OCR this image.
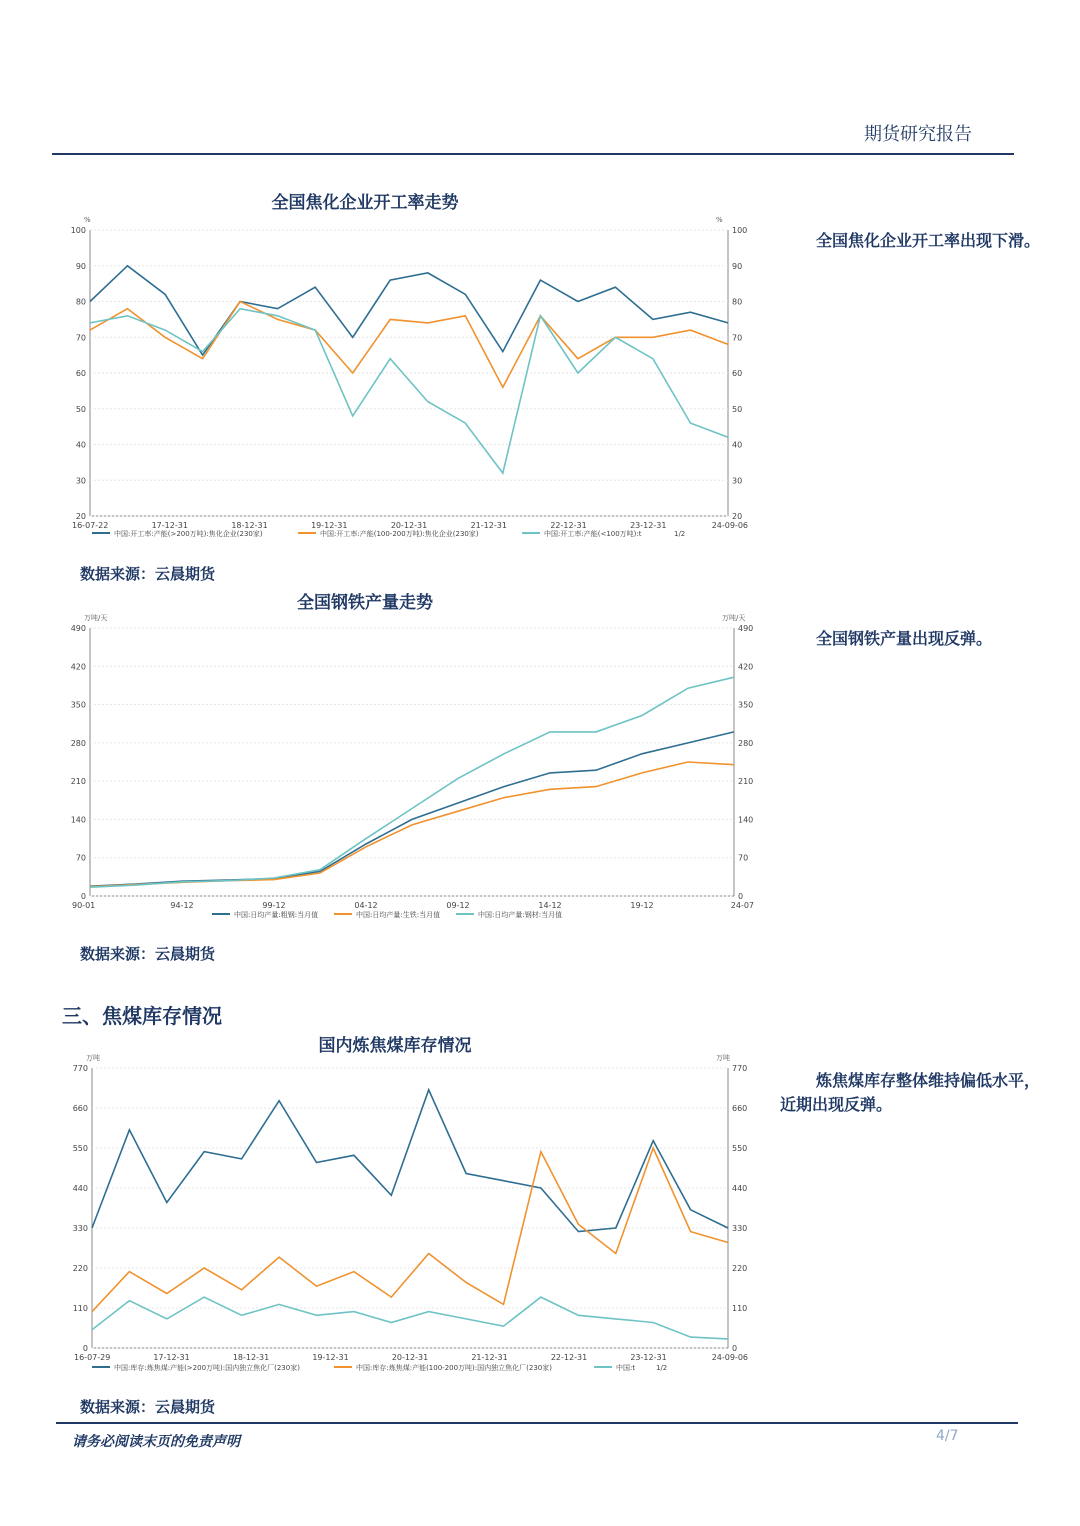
期货研究报告
全国焦化企业开工率走势
%	%
100	100
90	90
80	80
70	70
60	60
50	50
40	40
30	30
20	20
16-07-22	17-12-31	18-12-31	19-12-31	20-12-31	21-12-31	22-12-31	23-12-31	24-09-06
中国:开工率:产能(>200万吨):焦化企业(230家)	中国:开工率:产能(100-200万吨):焦化企业(230家)	中国:开工率:产能(<100万吨):t	1/2
数据来源：云晨期货
全国焦化企业开工率出现下滑。
全国钢铁产量走势
万吨/天	万吨/天
490	490
420	420
350	350
280	280
210	210
140	140
70	70
0	0
90-01	94-12	99-12	04-12	09-12	14-12	19-12	24-07
中国:日均产量:粗钢:当月值	中国:日均产量:生铁:当月值	中国:日均产量:钢材:当月值
数据来源：云晨期货
全国钢铁产量出现反弹。
三、焦煤库存情况
国内炼焦煤库存情况
万吨	万吨
770	770
660	660
550	550
440	440
330	330
220	220
110	110
0	0
16-07-29	17-12-31	18-12-31	19-12-31	20-12-31	21-12-31	22-12-31	23-12-31	24-09-06
中国:库存:炼焦煤:产能(>200万吨):国内独立焦化厂(230家)	中国:库存:炼焦煤:产能(100-200万吨):国内独立焦化厂(230家)	中国:t	1/2
数据来源：云晨期货
炼焦煤库存整体维持偏低水平，近期出现反弹。
请务必阅读末页的免责声明	4/7
